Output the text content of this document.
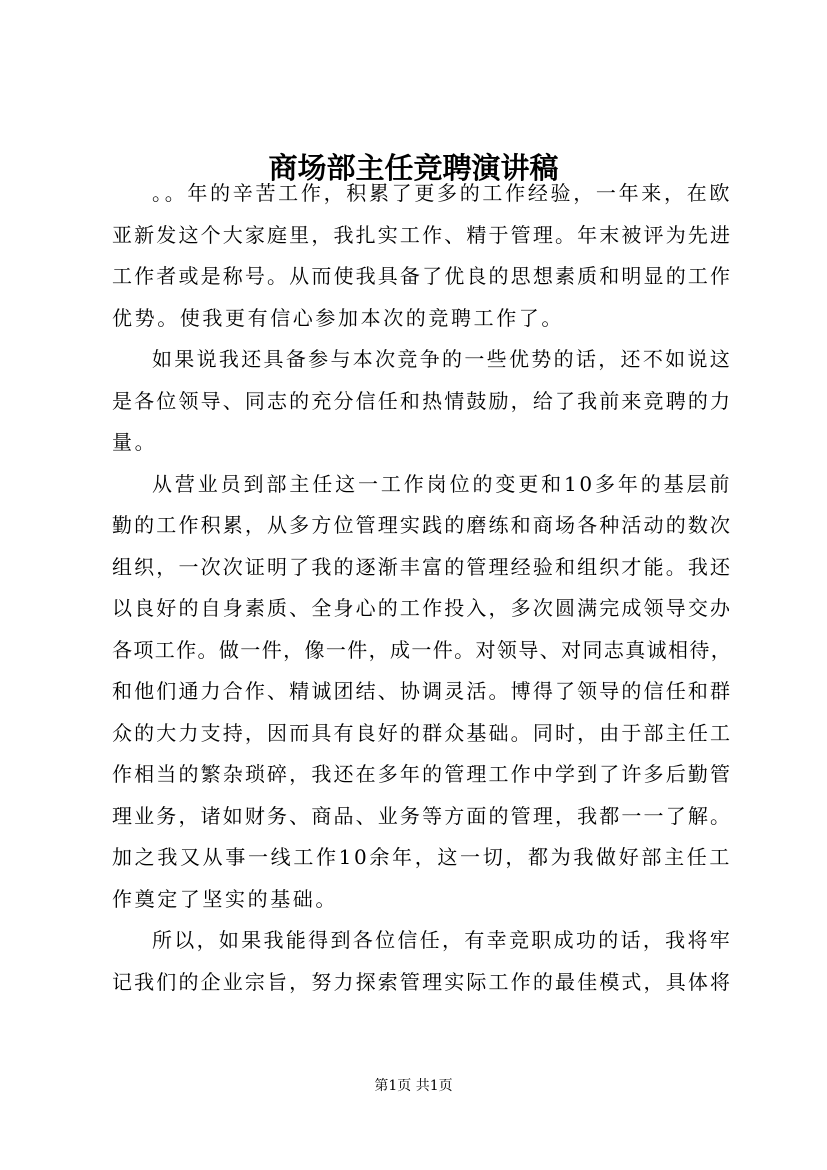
商场部主任竞聘演讲稿
。。年的辛苦工作，积累了更多的工作经验，一年来，在欧
亚新发这个大家庭里，我扎实工作、精于管理。年末被评为先进
工作者或是称号。从而使我具备了优良的思想素质和明显的工作
优势。使我更有信心参加本次的竞聘工作了。
如果说我还具备参与本次竞争的一些优势的话，还不如说这
是各位领导、同志的充分信任和热情鼓励，给了我前来竞聘的力
量。
从营业员到部主任这一工作岗位的变更和10多年的基层前
勤的工作积累，从多方位管理实践的磨练和商场各种活动的数次
组织，一次次证明了我的逐渐丰富的管理经验和组织才能。我还
以良好的自身素质、全身心的工作投入，多次圆满完成领导交办
各项工作。做一件，像一件，成一件。对领导、对同志真诚相待，
和他们通力合作、精诚团结、协调灵活。博得了领导的信任和群
众的大力支持，因而具有良好的群众基础。同时，由于部主任工
作相当的繁杂琐碎，我还在多年的管理工作中学到了许多后勤管
理业务，诸如财务、商品、业务等方面的管理，我都一一了解。
加之我又从事一线工作10余年，这一切，都为我做好部主任工
作奠定了坚实的基础。
所以，如果我能得到各位信任，有幸竞职成功的话，我将牢
记我们的企业宗旨，努力探索管理实际工作的最佳模式，具体将
第1页 共1页
